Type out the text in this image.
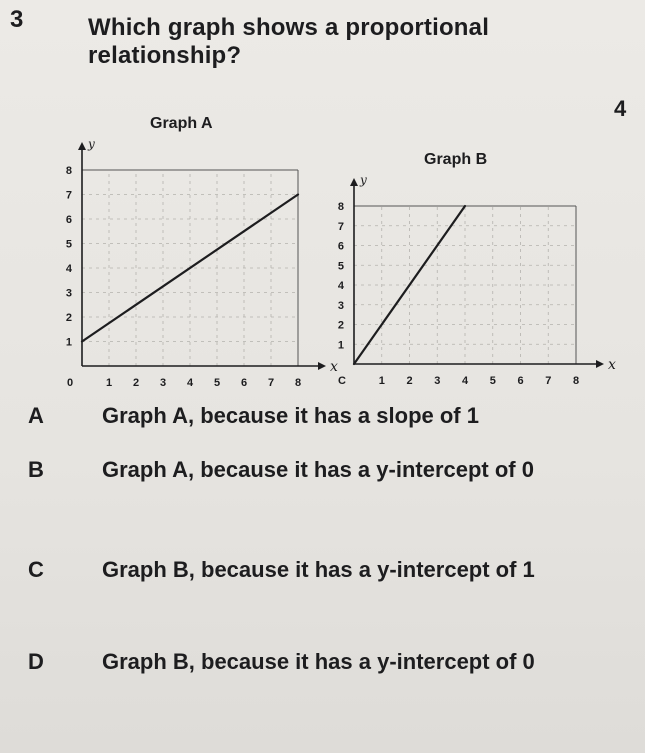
3	Which graph shows a proportional relationship?
4
1 2 3 4 5 6 7 8
1
2
3
4
5
6
7
8
0
x
y
Graph A
1 2 3 4 5 6 7 8
1
2
3
4
5
6
7
8
C
x
y
Graph B
A	Graph A, because it has a slope of 1
B	Graph A, because it has a y-intercept of 0
C	Graph B, because it has a y-intercept of 1
D	Graph B, because it has a y-intercept of 0
